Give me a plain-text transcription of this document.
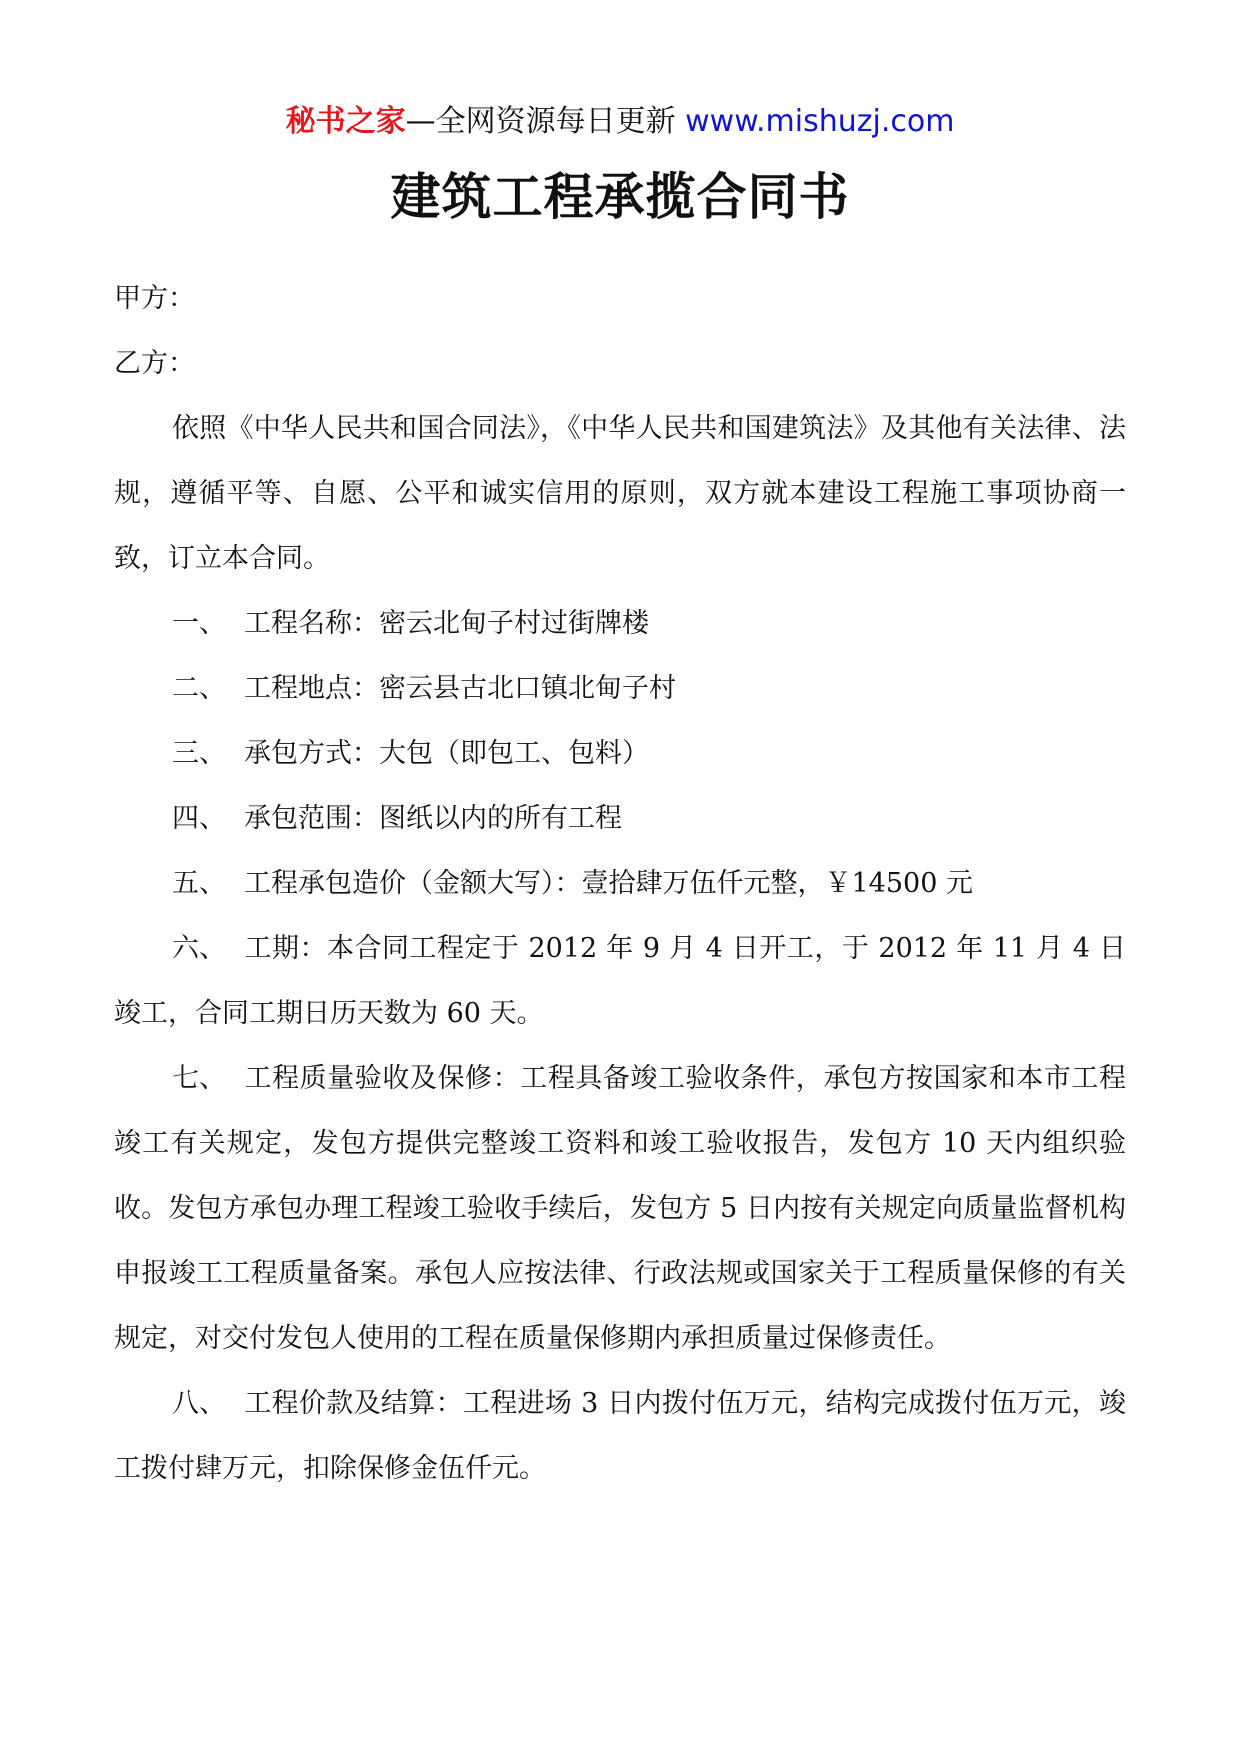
秘书之家—全网资源每日更新 www.mishuzj.com
建筑工程承揽合同书
甲方：
乙方：

依照《中华人民共和国合同法》，《中华人民共和国建筑法》及其他有关法律、法规，遵循平等、自愿、公平和诚实信用的原则，双方就本建设工程施工事项协商一致，订立本合同。

一、 工程名称：密云北甸子村过街牌楼
二、 工程地点：密云县古北口镇北甸子村
三、 承包方式：大包（即包工、包料）
四、 承包范围：图纸以内的所有工程
五、 工程承包造价（金额大写）：壹拾肆万伍仟元整，￥14500 元

六、 工期：本合同工程定于 2012 年 9 月 4 日开工，于 2012 年 11 月 4 日竣工，合同工期日历天数为 60 天。

七、 工程质量验收及保修：工程具备竣工验收条件，承包方按国家和本市工程竣工有关规定，发包方提供完整竣工资料和竣工验收报告，发包方 10 天内组织验收。发包方承包办理工程竣工验收手续后，发包方 5 日内按有关规定向质量监督机构申报竣工工程质量备案。承包人应按法律、行政法规或国家关于工程质量保修的有关规定，对交付发包人使用的工程在质量保修期内承担质量过保修责任。

八、 工程价款及结算：工程进场 3 日内拨付伍万元，结构完成拨付伍万元，竣工拨付肆万元，扣除保修金伍仟元。
